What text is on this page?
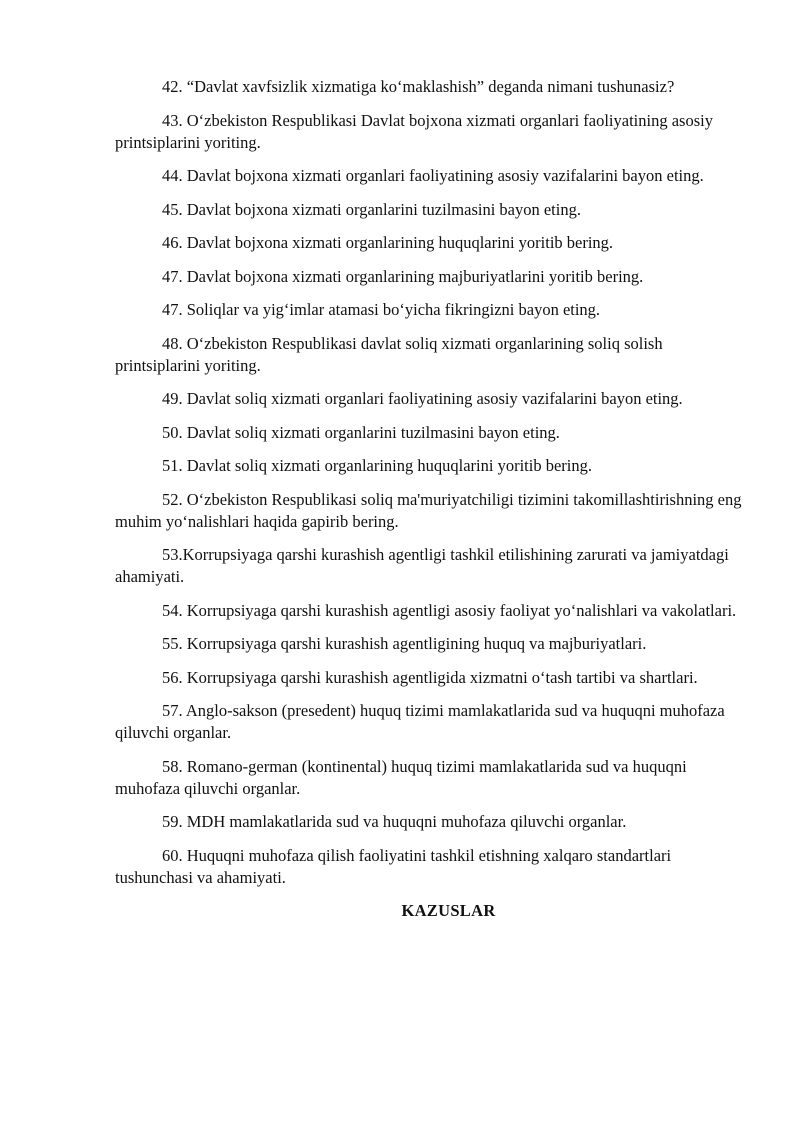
42. “Davlat xavfsizlik xizmatiga ko‘maklashish” deganda nimani tushunasiz?

43. O‘zbekiston Respublikasi Davlat bojxona xizmati organlari faoliyatining asosiy printsiplarini yoriting.

44. Davlat bojxona xizmati organlari faoliyatining asosiy vazifalarini bayon eting.

45. Davlat bojxona xizmati organlarini tuzilmasini bayon eting.

46. Davlat bojxona xizmati organlarining huquqlarini yoritib bering.

47. Davlat bojxona xizmati organlarining majburiyatlarini yoritib bering.

47. Soliqlar va yig‘imlar atamasi bo‘yicha fikringizni bayon eting.

48. O‘zbekiston Respublikasi davlat soliq xizmati organlarining soliq solish printsiplarini yoriting.

49. Davlat soliq xizmati organlari faoliyatining asosiy vazifalarini bayon eting.

50. Davlat soliq xizmati organlarini tuzilmasini bayon eting.

51. Davlat soliq xizmati organlarining huquqlarini yoritib bering.

52. O‘zbekiston Respublikasi soliq ma'muriyatchiligi tizimini takomillashtirishning eng muhim yo‘nalishlari haqida gapirib bering.

53.Korrupsiyaga qarshi kurashish agentligi tashkil etilishining zarurati va jamiyatdagi ahamiyati.

54. Korrupsiyaga qarshi kurashish agentligi asosiy faoliyat yo‘nalishlari va vakolatlari.

55. Korrupsiyaga qarshi kurashish agentligining huquq va majburiyatlari.

56. Korrupsiyaga qarshi kurashish agentligida xizmatni o‘tash tartibi va shartlari.

57. Anglo-sakson (presedent) huquq tizimi mamlakatlarida sud va huquqni muhofaza qiluvchi organlar.

58. Romano-german (kontinental) huquq tizimi mamlakatlarida sud va huquqni muhofaza qiluvchi organlar.

59. MDH mamlakatlarida sud va huquqni muhofaza qiluvchi organlar.

60. Huquqni muhofaza qilish faoliyatini tashkil etishning xalqaro standartlari tushunchasi va ahamiyati.

KAZUSLAR
